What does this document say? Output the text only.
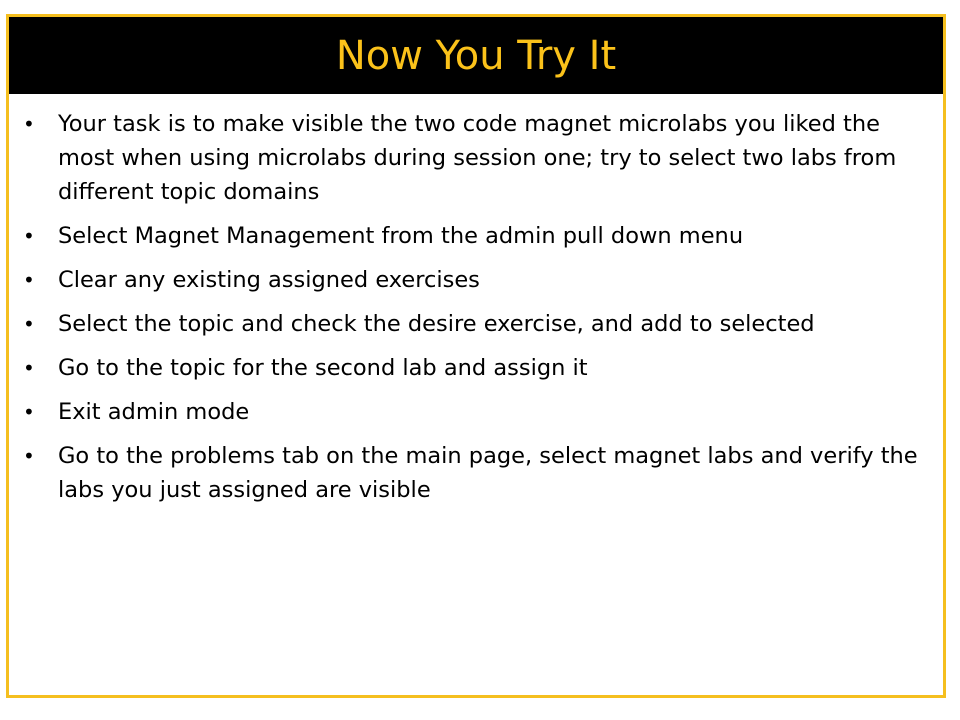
Now You Try It
• Your task is to make visible the two code magnet microlabs you liked the most when using microlabs during session one; try to select two labs from different topic domains
• Select Magnet Management from the admin pull down menu
• Clear any existing assigned exercises
• Select the topic and check the desire exercise, and add to selected
• Go to the topic for the second lab and assign it
• Exit admin mode
• Go to the problems tab on the main page, select magnet labs and verify the labs you just assigned are visible
